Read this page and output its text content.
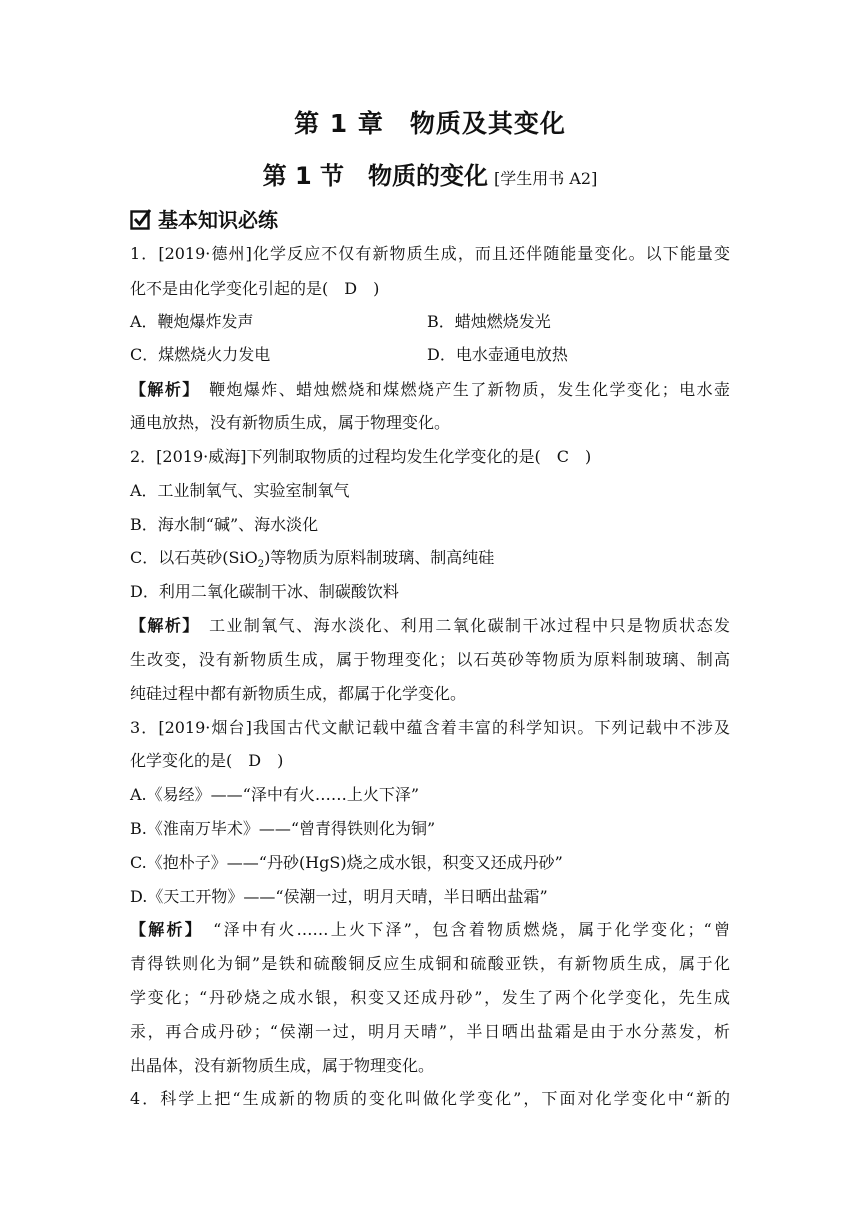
第 1 章　物质及其变化
第 1 节　物质的变化 [学生用书 A2]
基本知识必练
1．[2019·德州]化学反应不仅有新物质生成，而且还伴随能量变化。以下能量变
化不是由化学变化引起的是(　D　)
A．鞭炮爆炸发声	B．蜡烛燃烧发光
C．煤燃烧火力发电	D．电水壶通电放热
【解析】　 鞭炮爆炸、蜡烛燃烧和煤燃烧产生了新物质，发生化学变化；电水壶
通电放热，没有新物质生成，属于物理变化。
2．[2019·威海]下列制取物质的过程均发生化学变化的是(　C　)
A．工业制氧气、实验室制氧气
B．海水制“碱”、海水淡化
C．以石英砂(SiO$_2$)等物质为原料制玻璃、制高纯硅
D．利用二氧化碳制干冰、制碳酸饮料
【解析】　 工业制氧气、海水淡化、利用二氧化碳制干冰过程中只是物质状态发
生改变，没有新物质生成，属于物理变化；以石英砂等物质为原料制玻璃、制高
纯硅过程中都有新物质生成，都属于化学变化。
3．[2019·烟台]我国古代文献记载中蕴含着丰富的科学知识。下列记载中不涉及
化学变化的是(　D　)
A.《易经》——“泽中有火……上火下泽”
B.《淮南万毕术》——“曾青得铁则化为铜”
C.《抱朴子》——“丹砂(HgS)烧之成水银，积变又还成丹砂”
D.《天工开物》——“侯潮一过，明月天晴，半日晒出盐霜”
【解析】　 “泽中有火……上火下泽”，包含着物质燃烧，属于化学变化；“曾
青得铁则化为铜”是铁和硫酸铜反应生成铜和硫酸亚铁，有新物质生成，属于化
学变化；“丹砂烧之成水银，积变又还成丹砂”，发生了两个化学变化，先生成
汞，再合成丹砂；“侯潮一过，明月天晴”，半日晒出盐霜是由于水分蒸发，析
出晶体，没有新物质生成，属于物理变化。
4．科学上把“生成新的物质的变化叫做化学变化”，下面对化学变化中“新的
